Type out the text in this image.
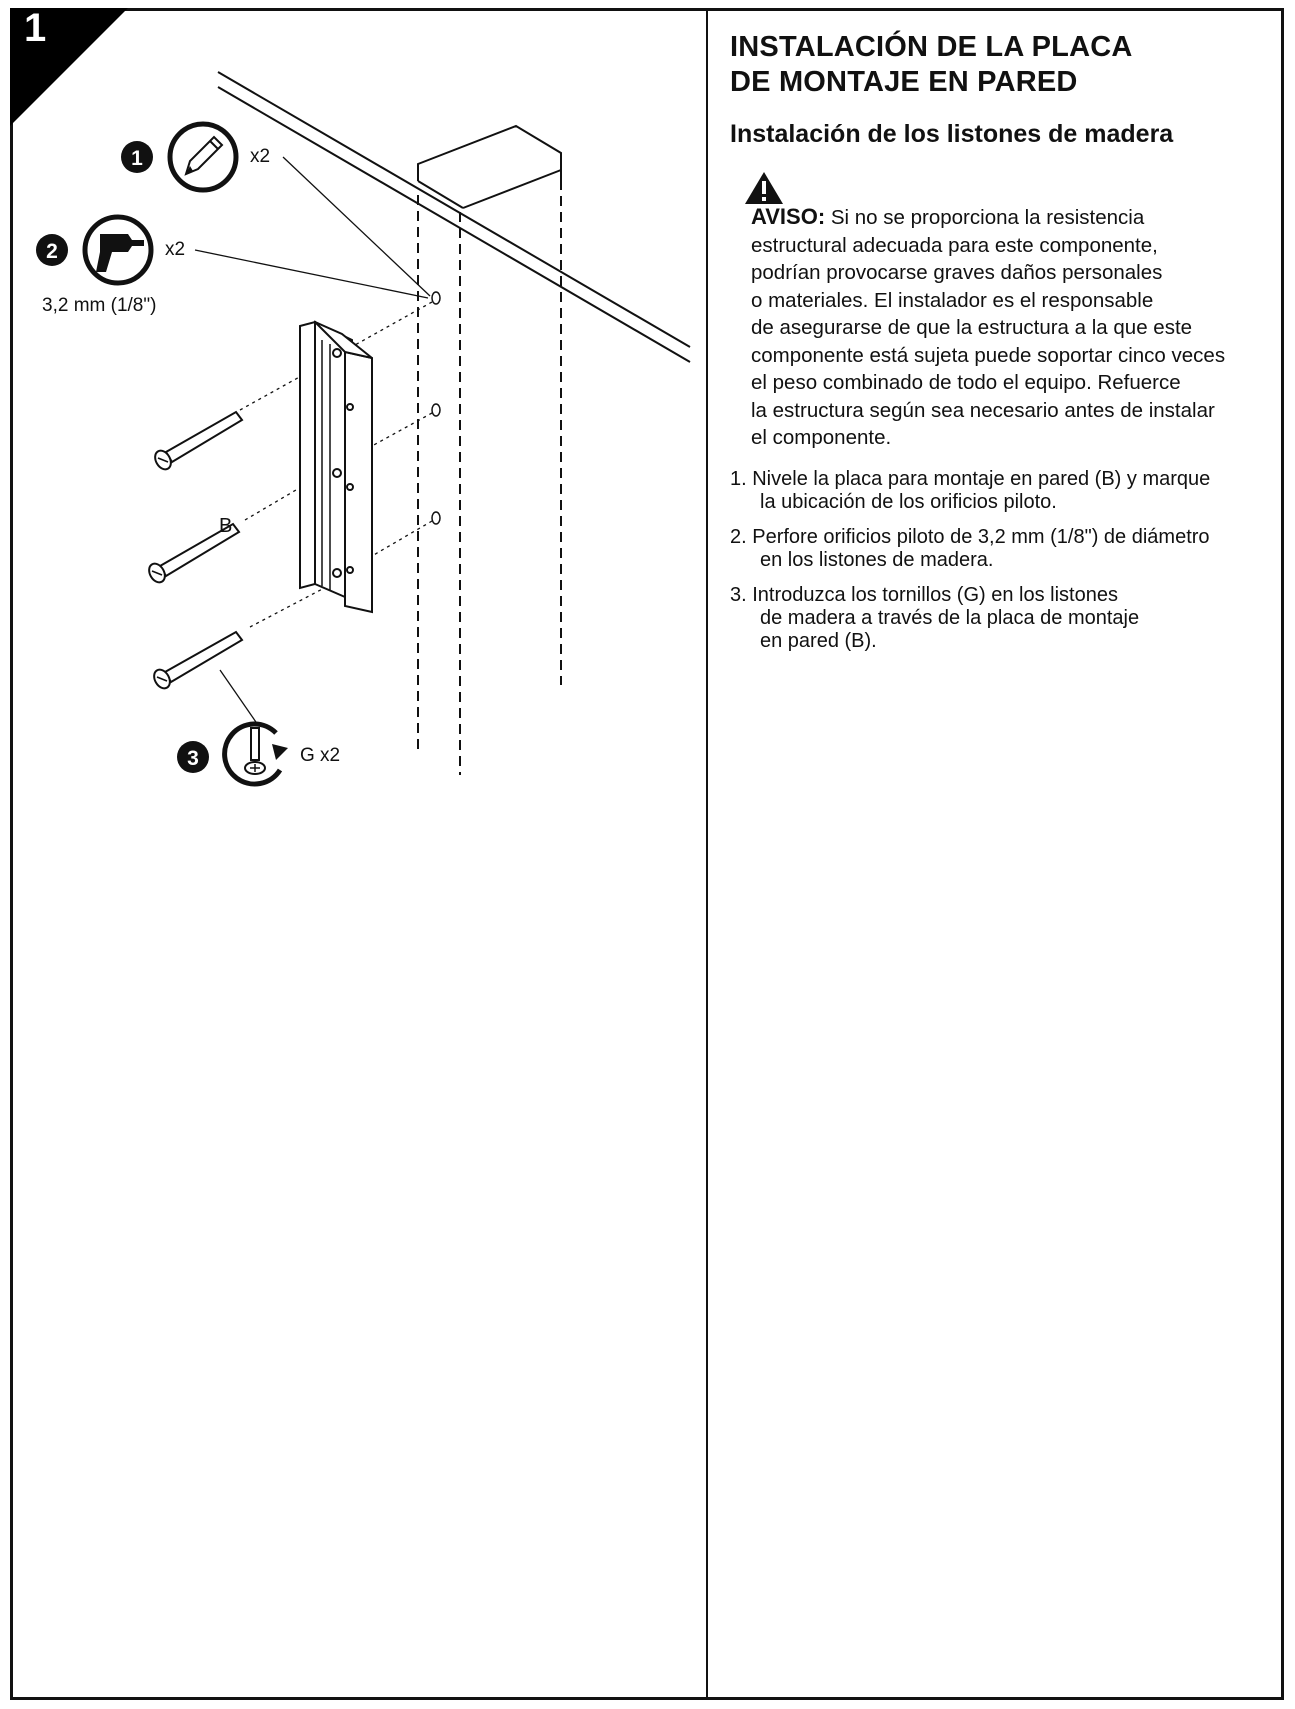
1
1	x2
2	x2
3,2 mm (1/8")
3	G x2
B
INSTALACIÓN DE LA PLACA
DE MONTAJE EN PARED
Instalación de los listones de madera
AVISO: Si no se proporciona la resistencia
estructural adecuada para este componente,
podrían provocarse graves daños personales
o materiales. El instalador es el responsable
de asegurarse de que la estructura a la que este
componente está sujeta puede soportar cinco veces
el peso combinado de todo el equipo. Refuerce
la estructura según sea necesario antes de instalar
el componente.
1. Nivele la placa para montaje en pared (B) y marque
la ubicación de los orificios piloto.
2. Perfore orificios piloto de 3,2 mm (1/8") de diámetro
en los listones de madera.
3. Introduzca los tornillos (G) en los listones
de madera a través de la placa de montaje
en pared (B).
